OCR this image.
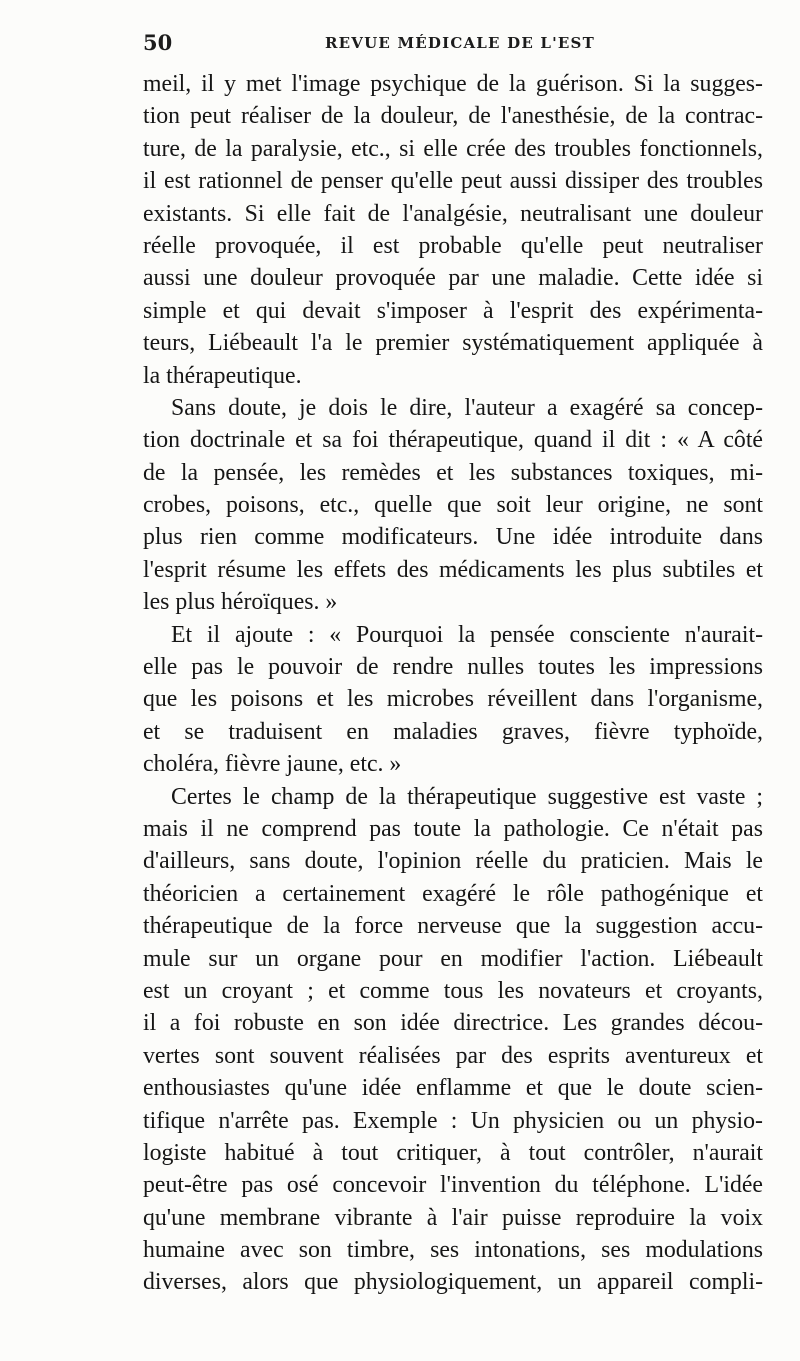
50	REVUE MÉDICALE DE L'EST
meil, il y met l'image psychique de la guérison. Si la sugges-
tion peut réaliser de la douleur, de l'anesthésie, de la contrac-
ture, de la paralysie, etc., si elle crée des troubles fonctionnels,
il est rationnel de penser qu'elle peut aussi dissiper des troubles
existants. Si elle fait de l'analgésie, neutralisant une douleur
réelle provoquée, il est probable qu'elle peut neutraliser
aussi une douleur provoquée par une maladie. Cette idée si
simple et qui devait s'imposer à l'esprit des expérimenta-
teurs, Liébeault l'a le premier systématiquement appliquée à
la thérapeutique.
Sans doute, je dois le dire, l'auteur a exagéré sa concep-
tion doctrinale et sa foi thérapeutique, quand il dit : « A côté
de la pensée, les remèdes et les substances toxiques, mi-
crobes, poisons, etc., quelle que soit leur origine, ne sont
plus rien comme modificateurs. Une idée introduite dans
l'esprit résume les effets des médicaments les plus subtiles et
les plus héroïques. »
Et il ajoute : « Pourquoi la pensée consciente n'aurait-
elle pas le pouvoir de rendre nulles toutes les impressions
que les poisons et les microbes réveillent dans l'organisme,
et se traduisent en maladies graves, fièvre typhoïde,
choléra, fièvre jaune, etc. »
Certes le champ de la thérapeutique suggestive est vaste ;
mais il ne comprend pas toute la pathologie. Ce n'était pas
d'ailleurs, sans doute, l'opinion réelle du praticien. Mais le
théoricien a certainement exagéré le rôle pathogénique et
thérapeutique de la force nerveuse que la suggestion accu-
mule sur un organe pour en modifier l'action. Liébeault
est un croyant ; et comme tous les novateurs et croyants,
il a foi robuste en son idée directrice. Les grandes décou-
vertes sont souvent réalisées par des esprits aventureux et
enthousiastes qu'une idée enflamme et que le doute scien-
tifique n'arrête pas. Exemple : Un physicien ou un physio-
logiste habitué à tout critiquer, à tout contrôler, n'aurait
peut-être pas osé concevoir l'invention du téléphone. L'idée
qu'une membrane vibrante à l'air puisse reproduire la voix
humaine avec son timbre, ses intonations, ses modulations
diverses, alors que physiologiquement, un appareil compli-
